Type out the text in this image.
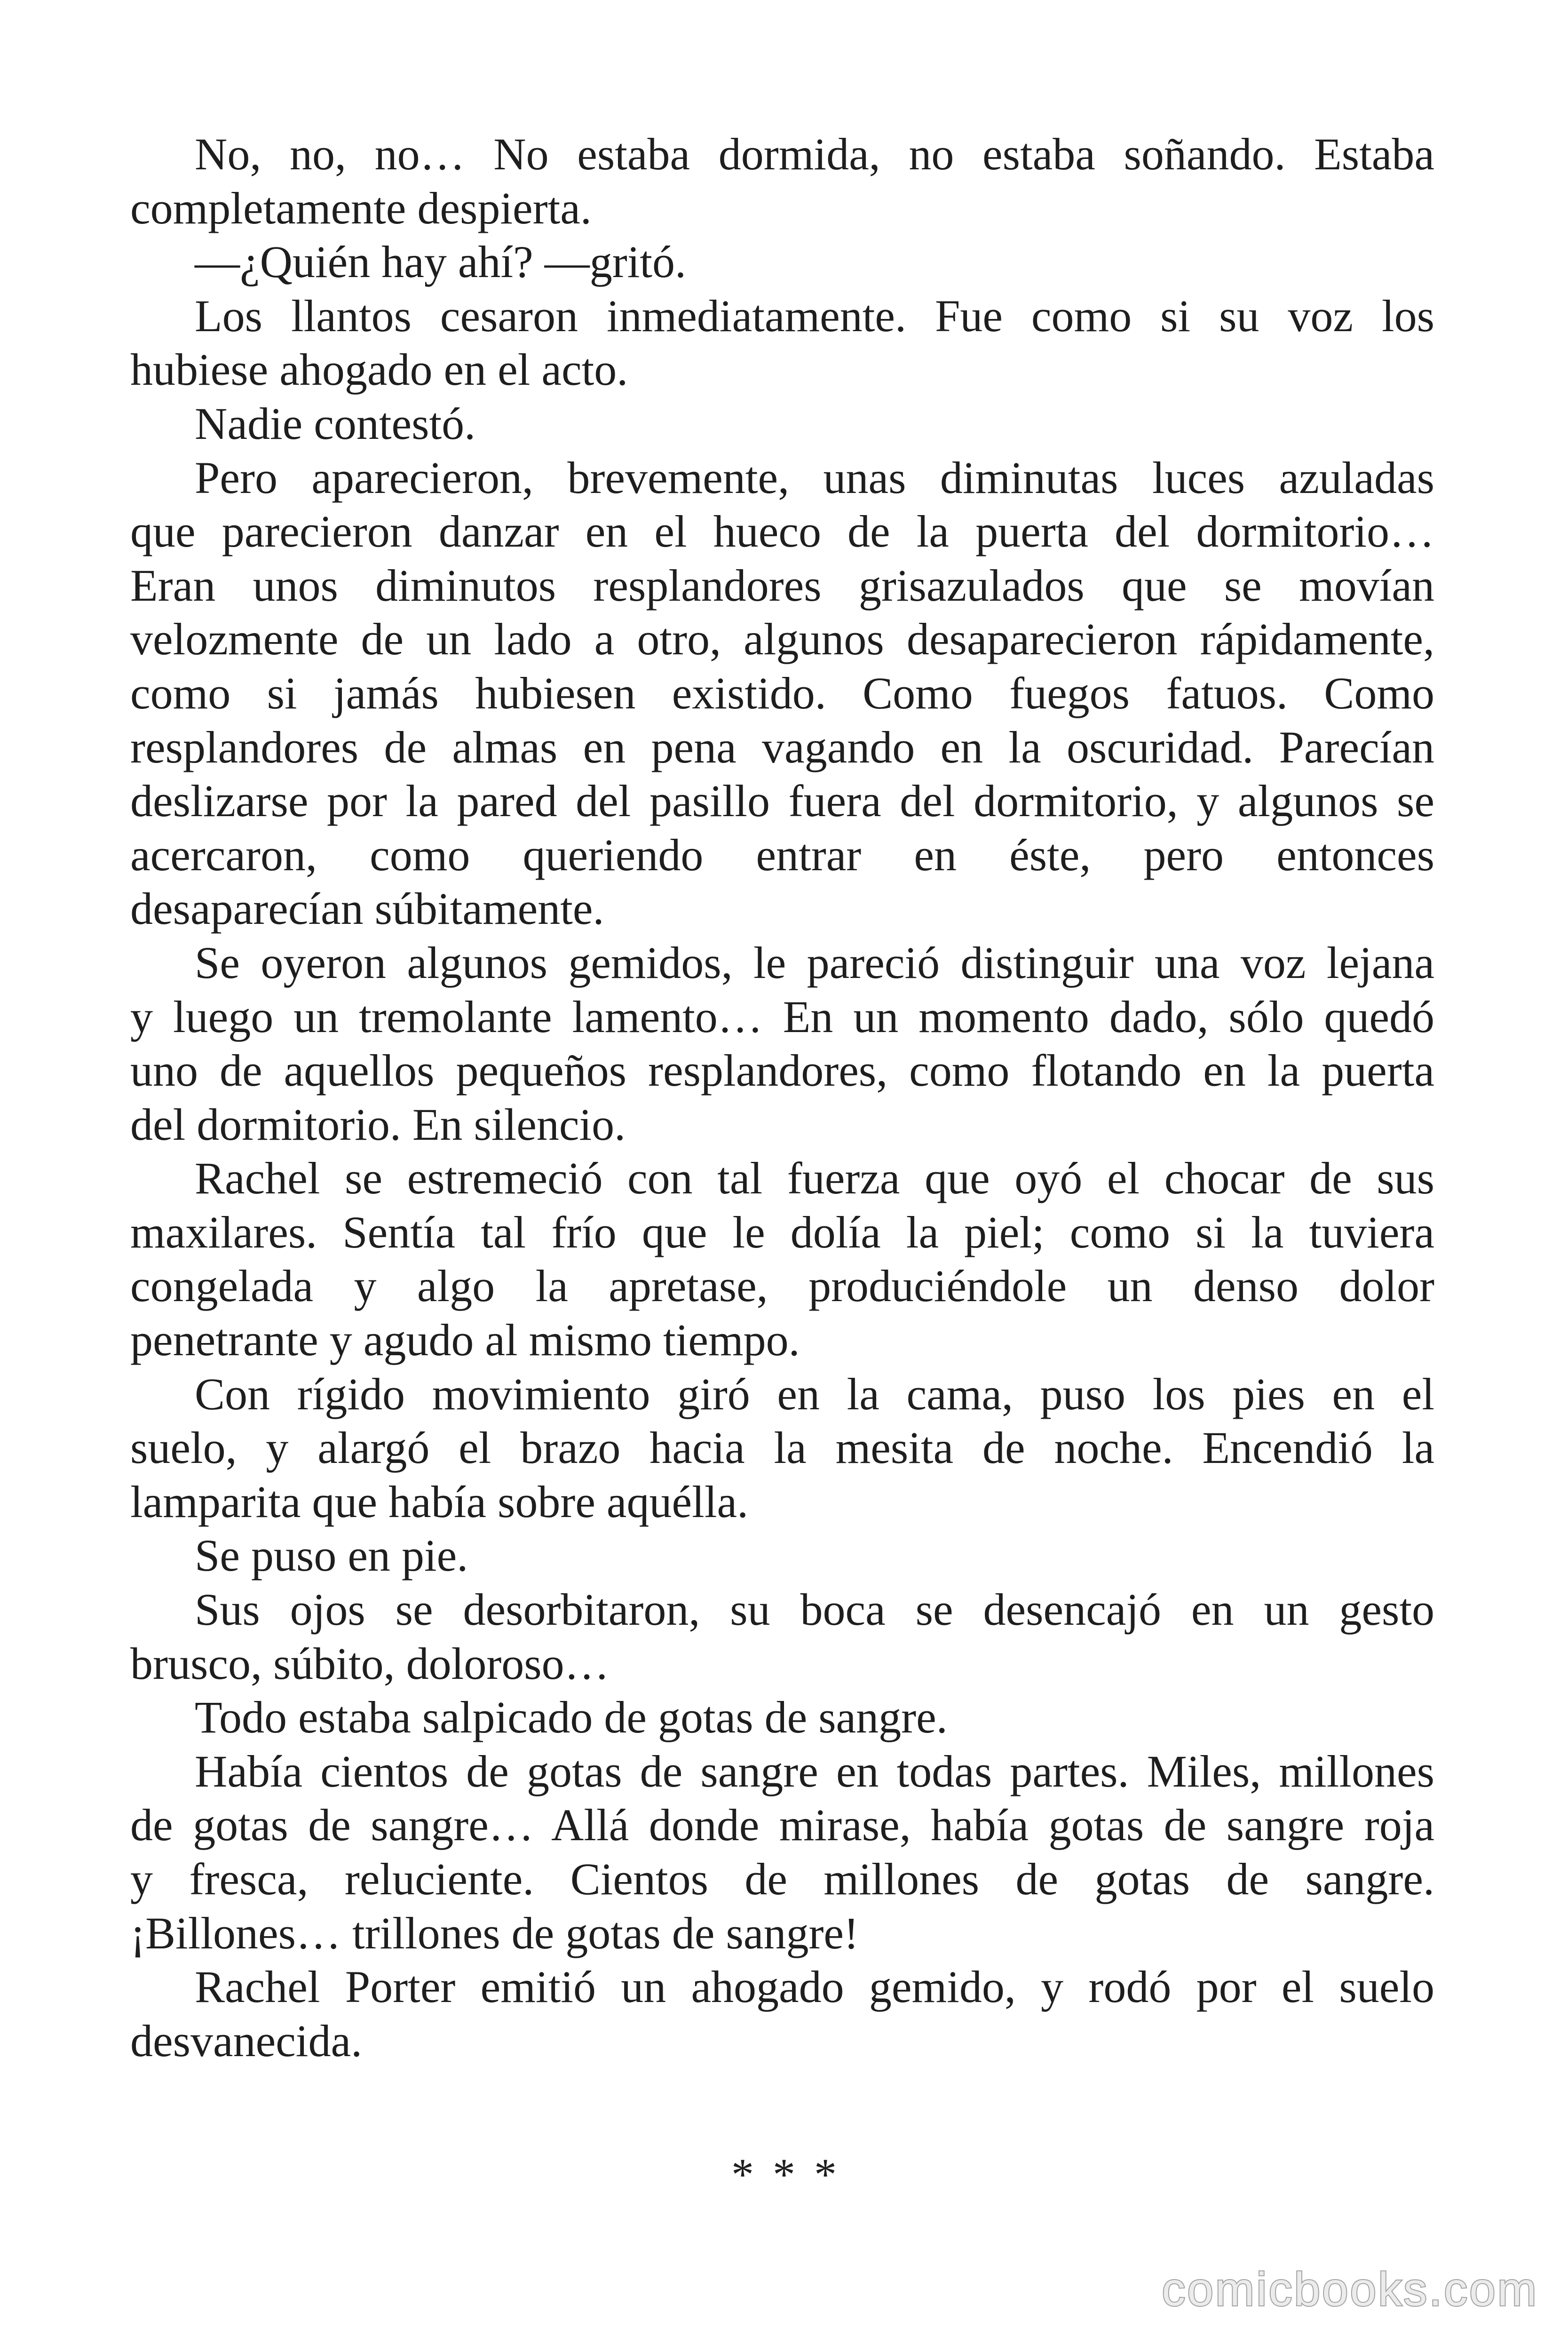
No, no, no… No estaba dormida, no estaba soñando. Estaba
completamente despierta.
—¿Quién hay ahí? —gritó.
Los llantos cesaron inmediatamente. Fue como si su voz los
hubiese ahogado en el acto.
Nadie contestó.
Pero aparecieron, brevemente, unas diminutas luces azuladas
que parecieron danzar en el hueco de la puerta del dormitorio…
Eran unos diminutos resplandores grisazulados que se movían
velozmente de un lado a otro, algunos desaparecieron rápidamente,
como si jamás hubiesen existido. Como fuegos fatuos. Como
resplandores de almas en pena vagando en la oscuridad. Parecían
deslizarse por la pared del pasillo fuera del dormitorio, y algunos se
acercaron, como queriendo entrar en éste, pero entonces
desaparecían súbitamente.
Se oyeron algunos gemidos, le pareció distinguir una voz lejana
y luego un tremolante lamento… En un momento dado, sólo quedó
uno de aquellos pequeños resplandores, como flotando en la puerta
del dormitorio. En silencio.
Rachel se estremeció con tal fuerza que oyó el chocar de sus
maxilares. Sentía tal frío que le dolía la piel; como si la tuviera
congelada y algo la apretase, produciéndole un denso dolor
penetrante y agudo al mismo tiempo.
Con rígido movimiento giró en la cama, puso los pies en el
suelo, y alargó el brazo hacia la mesita de noche. Encendió la
lamparita que había sobre aquélla.
Se puso en pie.
Sus ojos se desorbitaron, su boca se desencajó en un gesto
brusco, súbito, doloroso…
Todo estaba salpicado de gotas de sangre.
Había cientos de gotas de sangre en todas partes. Miles, millones
de gotas de sangre… Allá donde mirase, había gotas de sangre roja
y fresca, reluciente. Cientos de millones de gotas de sangre.
¡Billones… trillones de gotas de sangre!
Rachel Porter emitió un ahogado gemido, y rodó por el suelo
desvanecida.
* * *
comicbooks.com
